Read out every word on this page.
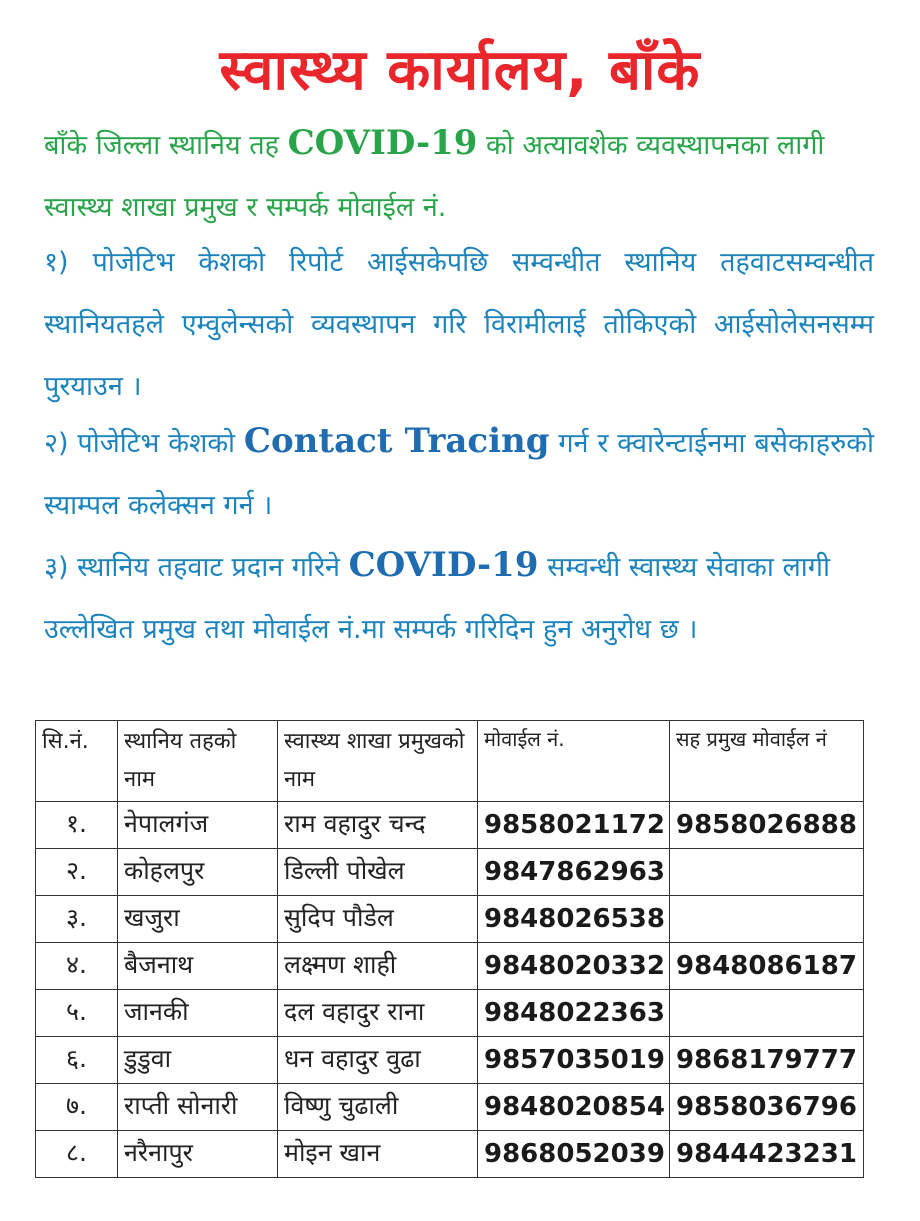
स्वास्थ्य कार्यालय, बाँके
बाँके जिल्ला स्थानिय तह COVID-19 को अत्यावशेक व्यवस्थापनका लागी स्वास्थ्य शाखा प्रमुख र सम्पर्क मोवाईल नं.
१) पोजेटिभ केशको रिपोर्ट आईसकेपछि सम्वन्धीत स्थानिय तहवाटसम्वन्धीत स्थानियतहले एम्वुलेन्सको व्यवस्थापन गरि विरामीलाई तोकिएको आईसोलेसनसम्म पुरयाउन ।
२) पोजेटिभ केशको Contact Tracing गर्न र क्वारेन्टाईनमा बसेकाहरुको स्याम्पल कलेक्सन गर्न ।
३) स्थानिय तहवाट प्रदान गरिने COVID-19 सम्वन्धी स्वास्थ्य सेवाका लागी उल्लेखित प्रमुख तथा मोवाईल नं.मा सम्पर्क गरिदिन हुन अनुरोध छ ।
सि.नं.	स्थानिय तहको नाम	स्वास्थ्य शाखा प्रमुखको नाम	मोवाईल नं.	सह प्रमुख मोवाईल नं
१.	नेपालगंज	राम वहादुर चन्द	9858021172	9858026888
२.	कोहलपुर	डिल्ली पोखेल	9847862963	
३.	खजुरा	सुदिप पौडेल	9848026538	
४.	बैजनाथ	लक्ष्मण शाही	9848020332	9848086187
५.	जानकी	दल वहादुर राना	9848022363	
६.	डुडुवा	धन वहादुर वुढा	9857035019	9868179777
७.	राप्ती सोनारी	विष्णु चुढाली	9848020854	9858036796
८.	नरैनापुर	मोइन खान	9868052039	9844423231
